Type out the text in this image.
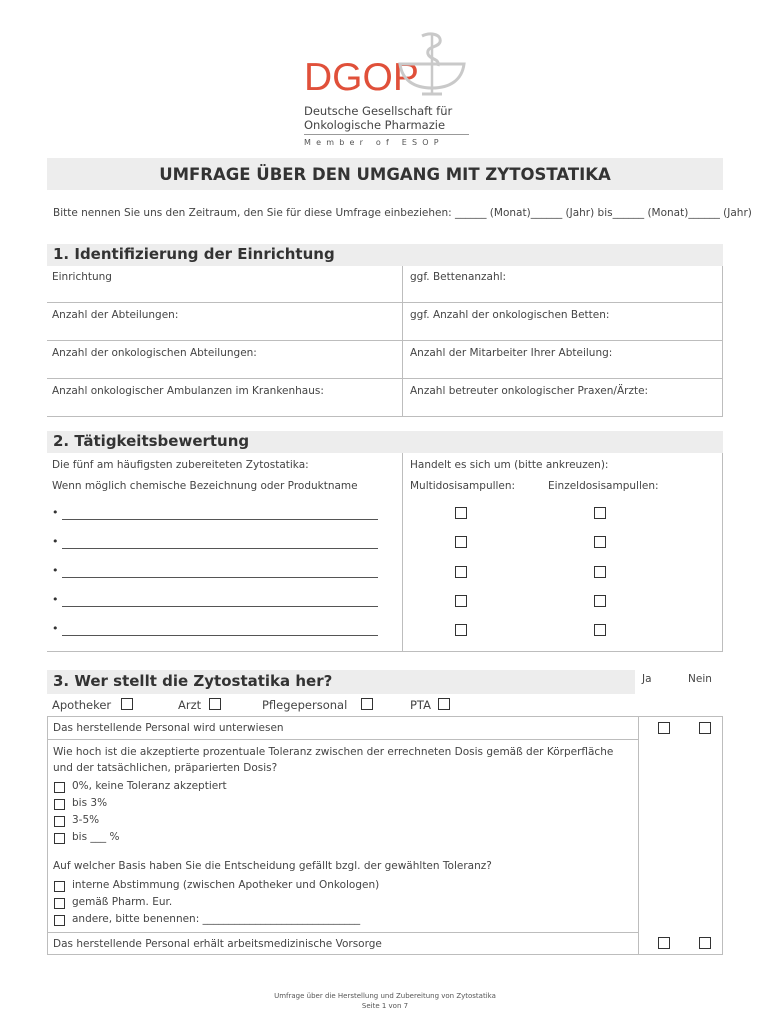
DGOP
Deutsche Gesellschaft für
Onkologische Pharmazie
Member of ESOP
UMFRAGE ÜBER DEN UMGANG MIT ZYTOSTATIKA
Bitte nennen Sie uns den Zeitraum, den Sie für diese Umfrage einbeziehen: ______ (Monat)______ (Jahr) bis______ (Monat)______ (Jahr)
1. Identifizierung der Einrichtung
Einrichtung	ggf. Bettenanzahl:
Anzahl der Abteilungen:	ggf. Anzahl der onkologischen Betten:
Anzahl der onkologischen Abteilungen:	Anzahl der Mitarbeiter Ihrer Abteilung:
Anzahl onkologischer Ambulanzen im Krankenhaus:	Anzahl betreuter onkologischer Praxen/Ärzte:
2. Tätigkeitsbewertung
Die fünf am häufigsten zubereiteten Zytostatika:
Wenn möglich chemische Bezeichnung oder Produktname
Handelt es sich um (bitte ankreuzen):
Multidosisampullen:	Einzeldosisampullen:
•
•
•
•
•
3. Wer stellt die Zytostatika her?	Ja	Nein
Apotheker	Arzt	Pflegepersonal	PTA
Das herstellende Personal wird unterwiesen
Wie hoch ist die akzeptierte prozentuale Toleranz zwischen der errechneten Dosis gemäß der Körperfläche
und der tatsächlichen, präparierten Dosis?
0%, keine Toleranz akzeptiert
bis 3%
3-5%
bis ___ %
Auf welcher Basis haben Sie die Entscheidung gefällt bzgl. der gewählten Toleranz?
interne Abstimmung (zwischen Apotheker und Onkologen)
gemäß Pharm. Eur.
andere, bitte benennen: ______________________________
Das herstellende Personal erhält arbeitsmedizinische Vorsorge
Umfrage über die Herstellung und Zubereitung von Zytostatika
Seite 1 von 7
